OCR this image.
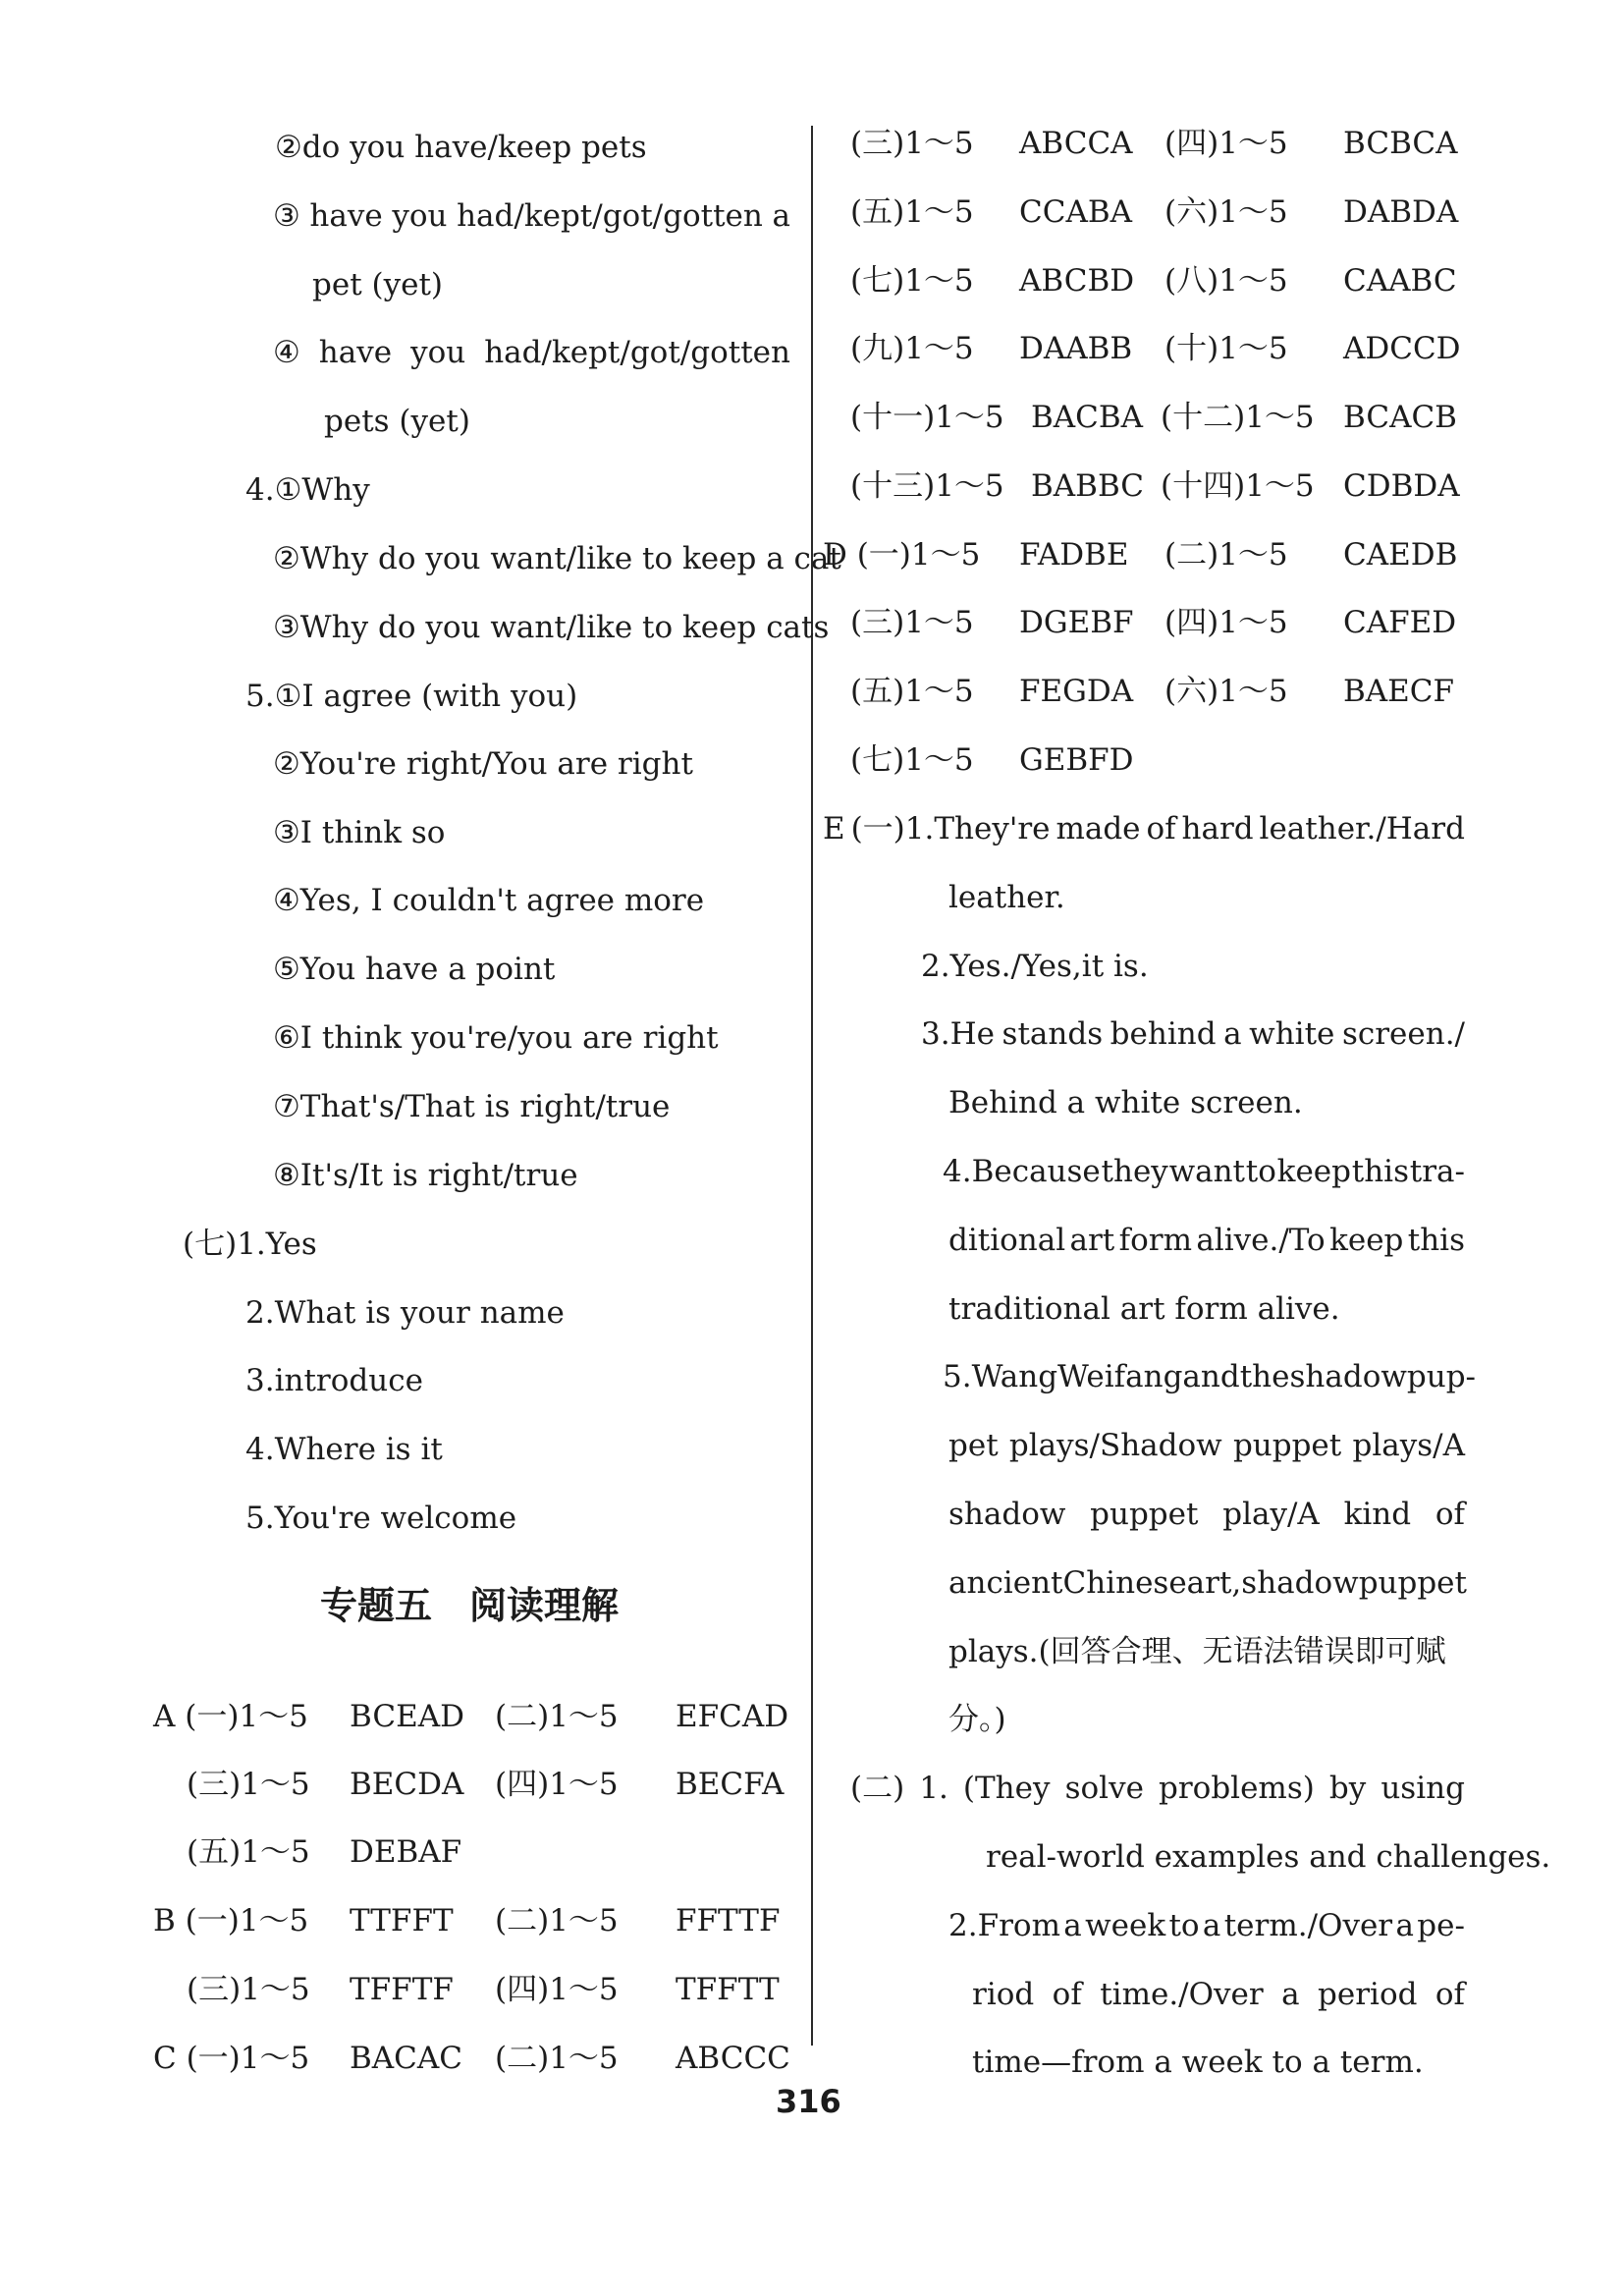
②do you have/keep pets
③ have you had/kept/got/gotten a
pet (yet)
④ have you had/kept/got/gotten
pets (yet)
4.①Why
②Why do you want/like to keep a cat
③Why do you want/like to keep cats
5.①I agree (with you)
②You're right/You are right
③I think so
④Yes, I couldn't agree more
⑤You have a point
⑥I think you're/you are right
⑦That's/That is right/true
⑧It's/It is right/true
(七)1.Yes
2.What is your name
3.introduce
4.Where is it
5.You're welcome
专题五　阅读理解
A (一)1～5 BCEAD (二)1～5 EFCAD
(三)1～5 BECDA (四)1～5 BECFA
(五)1～5 DEBAF
B (一)1～5 TTFFT (二)1～5 FFTTF
(三)1～5 TFFTF (四)1～5 TFFTT
C (一)1～5 BACAC (二)1～5 ABCCC
(三)1～5 ABCCA (四)1～5 BCBCA
(五)1～5 CCABA (六)1～5 DABDA
(七)1～5 ABCBD (八)1～5 CAABC
(九)1～5 DAABB (十)1～5 ADCCD
(十一)1～5 BACBA (十二)1～5 BCACB
(十三)1～5 BABBC (十四)1～5 CDBDA
D (一)1～5 FADBE (二)1～5 CAEDB
(三)1～5 DGEBF (四)1～5 CAFED
(五)1～5 FEGDA (六)1～5 BAECF
(七)1～5 GEBFD
E (一)1.They're made of hard leather./Hard
leather.
2.Yes./Yes,it is.
3.He stands behind a white screen./
Behind a white screen.
4.Because they want to keep this tra-
ditional art form alive./To keep this
traditional art form alive.
5.Wang Weifang and the shadow pup-
pet plays/Shadow puppet plays/A
shadow puppet play/A kind of
ancient Chinese art,shadow puppet
plays.(回答合理、无语法错误即可赋
分。)
(二) 1. (They solve problems) by using
real-world examples and challenges.
2.From a week to a term./Over a pe-
riod of time./Over a period of
time—from a week to a term.
316
